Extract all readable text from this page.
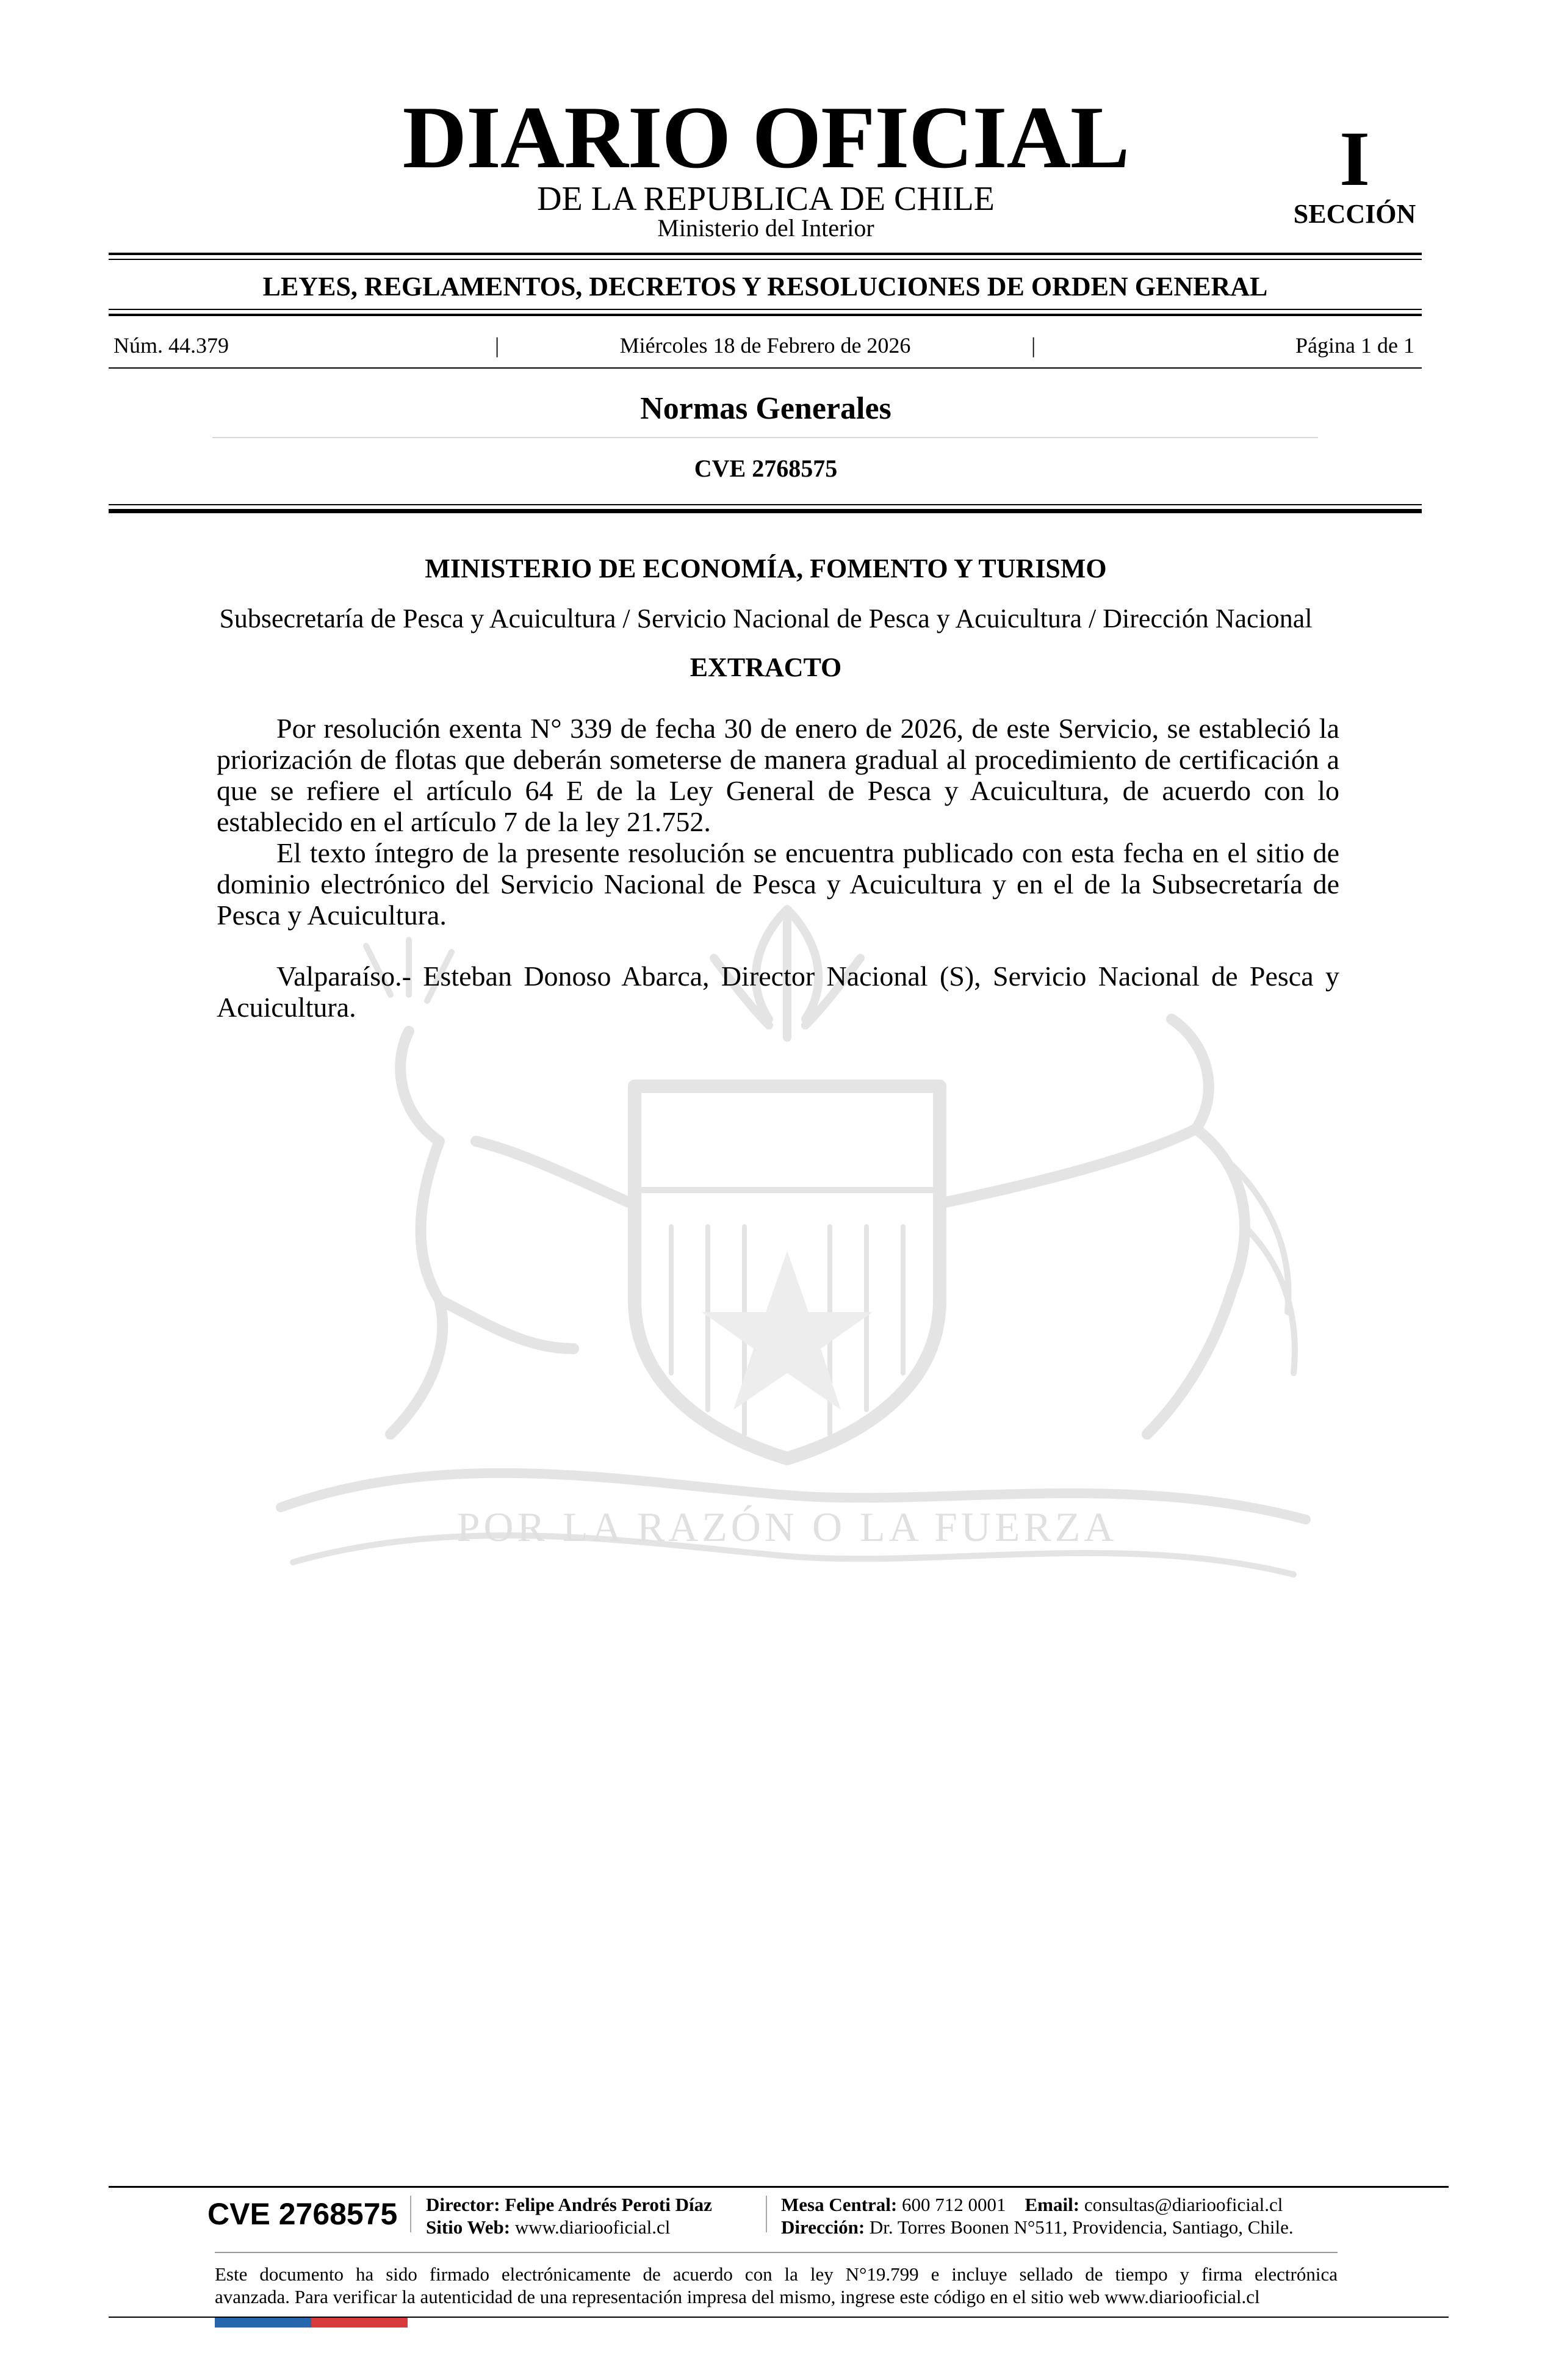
DIARIO OFICIAL
DE LA REPUBLICA DE CHILE
Ministerio del Interior
I
SECCIÓN
LEYES, REGLAMENTOS, DECRETOS Y RESOLUCIONES DE ORDEN GENERAL
Núm. 44.379	|	Miércoles 18 de Febrero de 2026	|	Página 1 de 1
Normas Generales
CVE 2768575
POR LA RAZÓN O LA FUERZA
MINISTERIO DE ECONOMÍA, FOMENTO Y TURISMO
Subsecretaría de Pesca y Acuicultura / Servicio Nacional de Pesca y Acuicultura / Dirección Nacional
EXTRACTO

Por resolución exenta N° 339 de fecha 30 de enero de 2026, de este Servicio, se estableció la priorización de flotas que deberán someterse de manera gradual al procedimiento de certificación a que se refiere el artículo 64 E de la Ley General de Pesca y Acuicultura, de acuerdo con lo establecido en el artículo 7 de la ley 21.752.

El texto íntegro de la presente resolución se encuentra publicado con esta fecha en el sitio de dominio electrónico del Servicio Nacional de Pesca y Acuicultura y en el de la Subsecretaría de Pesca y Acuicultura.

Valparaíso.- Esteban Donoso Abarca, Director Nacional (S), Servicio Nacional de Pesca y Acuicultura.

CVE 2768575 Director: Felipe Andrés Peroti Díaz
Sitio Web: www.diariooficial.cl
Mesa Central: 600 712 0001 Email: consultas@diariooficial.cl
Dirección: Dr. Torres Boonen N°511, Providencia, Santiago, Chile.

Este documento ha sido firmado electrónicamente de acuerdo con la ley N°19.799 e incluye sellado de tiempo y firma electrónica

avanzada. Para verificar la autenticidad de una representación impresa del mismo, ingrese este código en el sitio web www.diariooficial.cl
